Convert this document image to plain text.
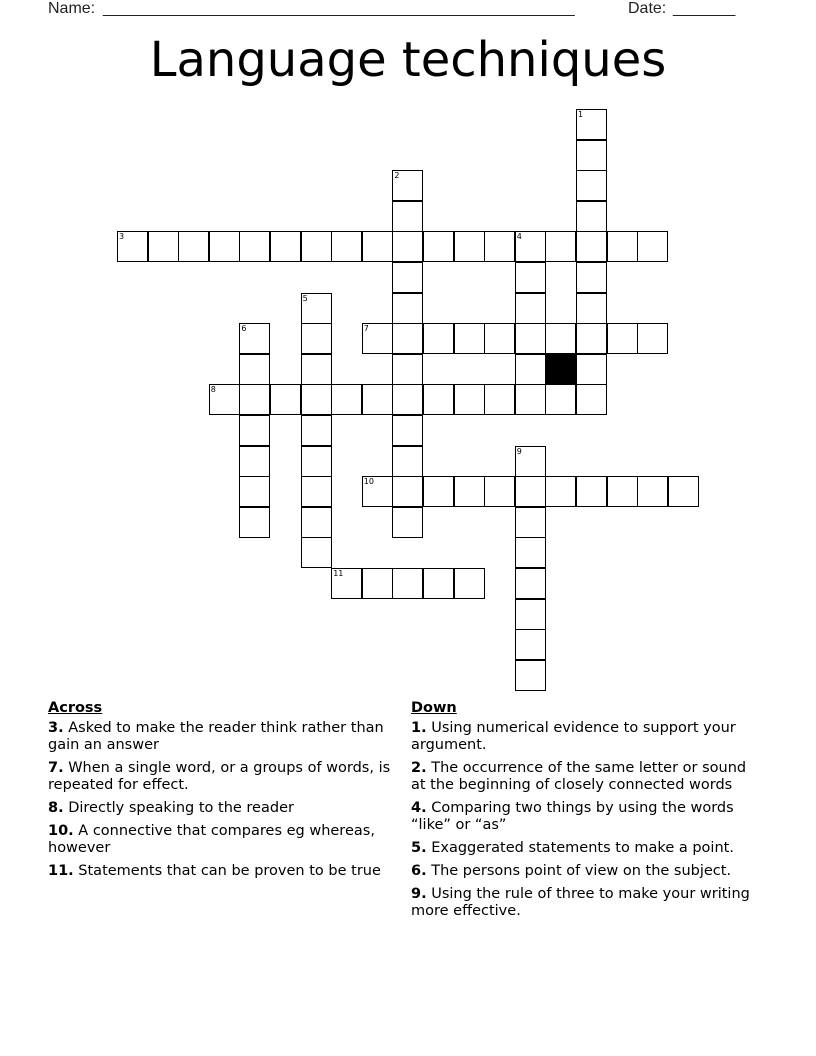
Name: _____________________________________________________	Date: _______
Language techniques
1
2
3	4
5
6	7
8
9
10
11
Across
3. Asked to make the reader think rather than gain an answer
7. When a single word, or a groups of words, is repeated for effect.
8. Directly speaking to the reader
10. A connective that compares eg whereas, however
11. Statements that can be proven to be true
Down
1. Using numerical evidence to support your argument.
2. The occurrence of the same letter or sound at the beginning of closely connected words
4. Comparing two things by using the words “like” or “as”
5. Exaggerated statements to make a point.
6. The persons point of view on the subject.
9. Using the rule of three to make your writing more effective.
